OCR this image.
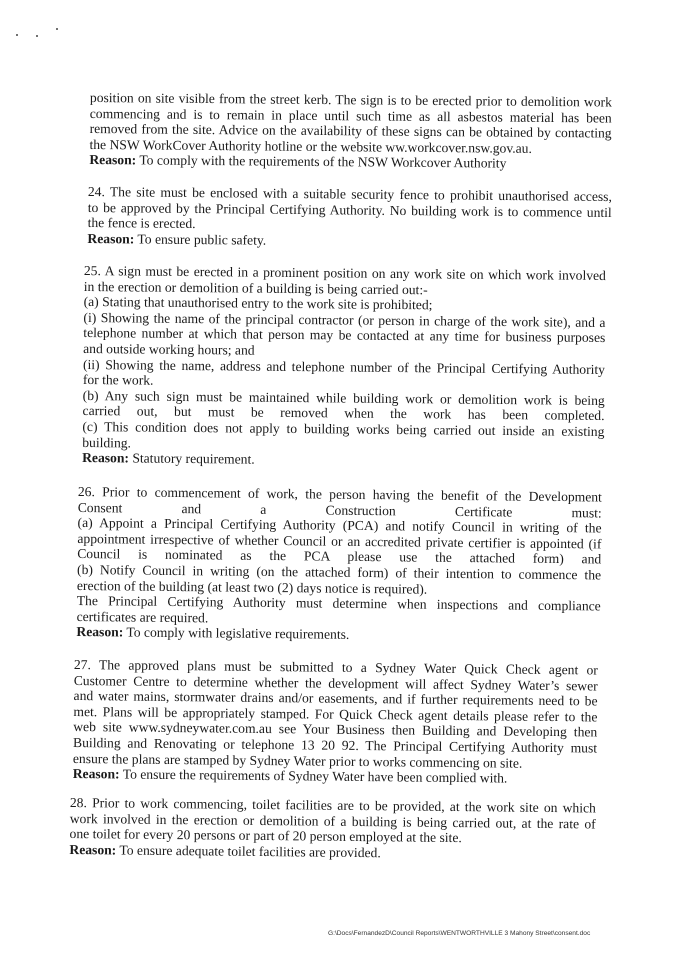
position on site visible from the street kerb. The sign is to be erected prior to demolition work

commencing and is to remain in place until such time as all asbestos material has been

removed from the site. Advice on the availability of these signs can be obtained by contacting

the NSW WorkCover Authority hotline or the website ww.workcover.nsw.gov.au.

Reason: To comply with the requirements of the NSW Workcover Authority

24. The site must be enclosed with a suitable security fence to prohibit unauthorised access,

to be approved by the Principal Certifying Authority. No building work is to commence until

the fence is erected.

Reason: To ensure public safety.

25. A sign must be erected in a prominent position on any work site on which work involved

in the erection or demolition of a building is being carried out:-

(a) Stating that unauthorised entry to the work site is prohibited;

(i) Showing the name of the principal contractor (or person in charge of the work site), and a

telephone number at which that person may be contacted at any time for business purposes

and outside working hours; and

(ii) Showing the name, address and telephone number of the Principal Certifying Authority

for the work.

(b) Any such sign must be maintained while building work or demolition work is being

carried out, but must be removed when the work has been completed.

(c) This condition does not apply to building works being carried out inside an existing

building.

Reason: Statutory requirement.

26. Prior to commencement of work, the person having the benefit of the Development

Consent and a Construction Certificate must:

(a) Appoint a Principal Certifying Authority (PCA) and notify Council in writing of the

appointment irrespective of whether Council or an accredited private certifier is appointed (if

Council is nominated as the PCA please use the attached form) and

(b) Notify Council in writing (on the attached form) of their intention to commence the

erection of the building (at least two (2) days notice is required).

The Principal Certifying Authority must determine when inspections and compliance

certificates are required.

Reason: To comply with legislative requirements.

27. The approved plans must be submitted to a Sydney Water Quick Check agent or

Customer Centre to determine whether the development will affect Sydney Water’s sewer

and water mains, stormwater drains and/or easements, and if further requirements need to be

met. Plans will be appropriately stamped. For Quick Check agent details please refer to the

web site www.sydneywater.com.au see Your Business then Building and Developing then

Building and Renovating or telephone 13 20 92. The Principal Certifying Authority must

ensure the plans are stamped by Sydney Water prior to works commencing on site.

Reason: To ensure the requirements of Sydney Water have been complied with.

28. Prior to work commencing, toilet facilities are to be provided, at the work site on which

work involved in the erection or demolition of a building is being carried out, at the rate of

one toilet for every 20 persons or part of 20 person employed at the site.

Reason: To ensure adequate toilet facilities are provided.

G:\Docs\FernandezD\Council Reports\WENTWORTHVILLE 3 Mahony Street\consent.doc
